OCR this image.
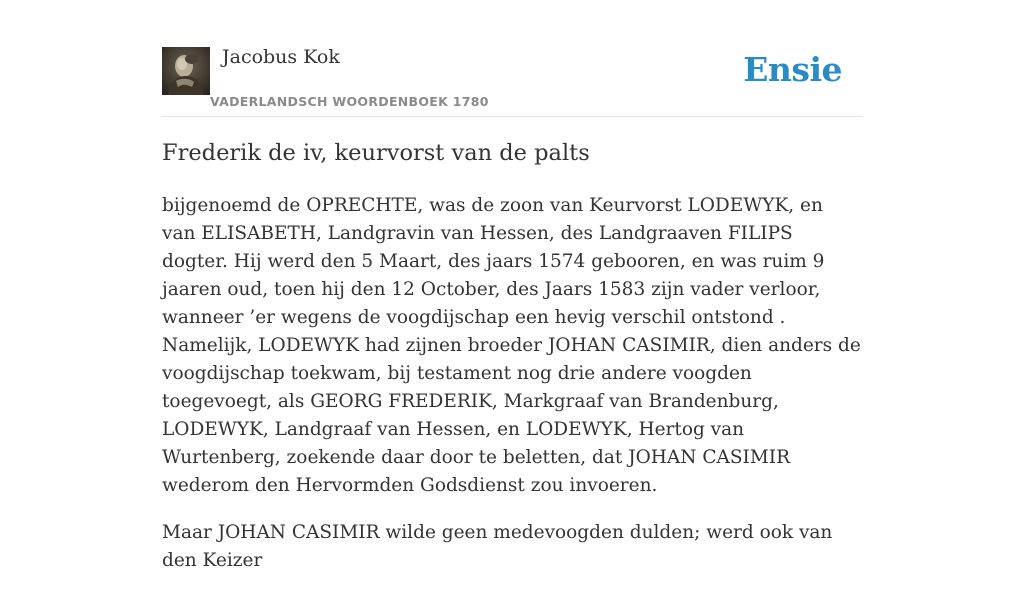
Jacobus Kok
VADERLANDSCH WOORDENBOEK 1780
Ensie
Frederik de iv, keurvorst van de palts

bijgenoemd de OPRECHTE, was de zoon van Keurvorst LODEWYK, en van ELISABETH, Landgravin van Hessen, des Landgraaven FILIPS dogter. Hij werd den 5 Maart, des jaars 1574 gebooren, en was ruim 9 jaaren oud, toen hij den 12 October, des Jaars 1583 zijn vader verloor, wanneer ’er wegens de voogdijschap een hevig verschil ontstond . Namelijk, LODEWYK had zijnen broeder JOHAN CASIMIR, dien anders de voogdijschap toekwam, bij testament nog drie andere voogden toegevoegt, als GEORG FREDERIK, Markgraaf van Brandenburg, LODEWYK, Landgraaf van Hessen, en LODEWYK, Hertog van Wurtenberg, zoekende daar door te beletten, dat JOHAN CASIMIR wederom den Hervormden Godsdienst zou invoeren.

Maar JOHAN CASIMIR wilde geen medevoogden dulden; werd ook van den Keizer
